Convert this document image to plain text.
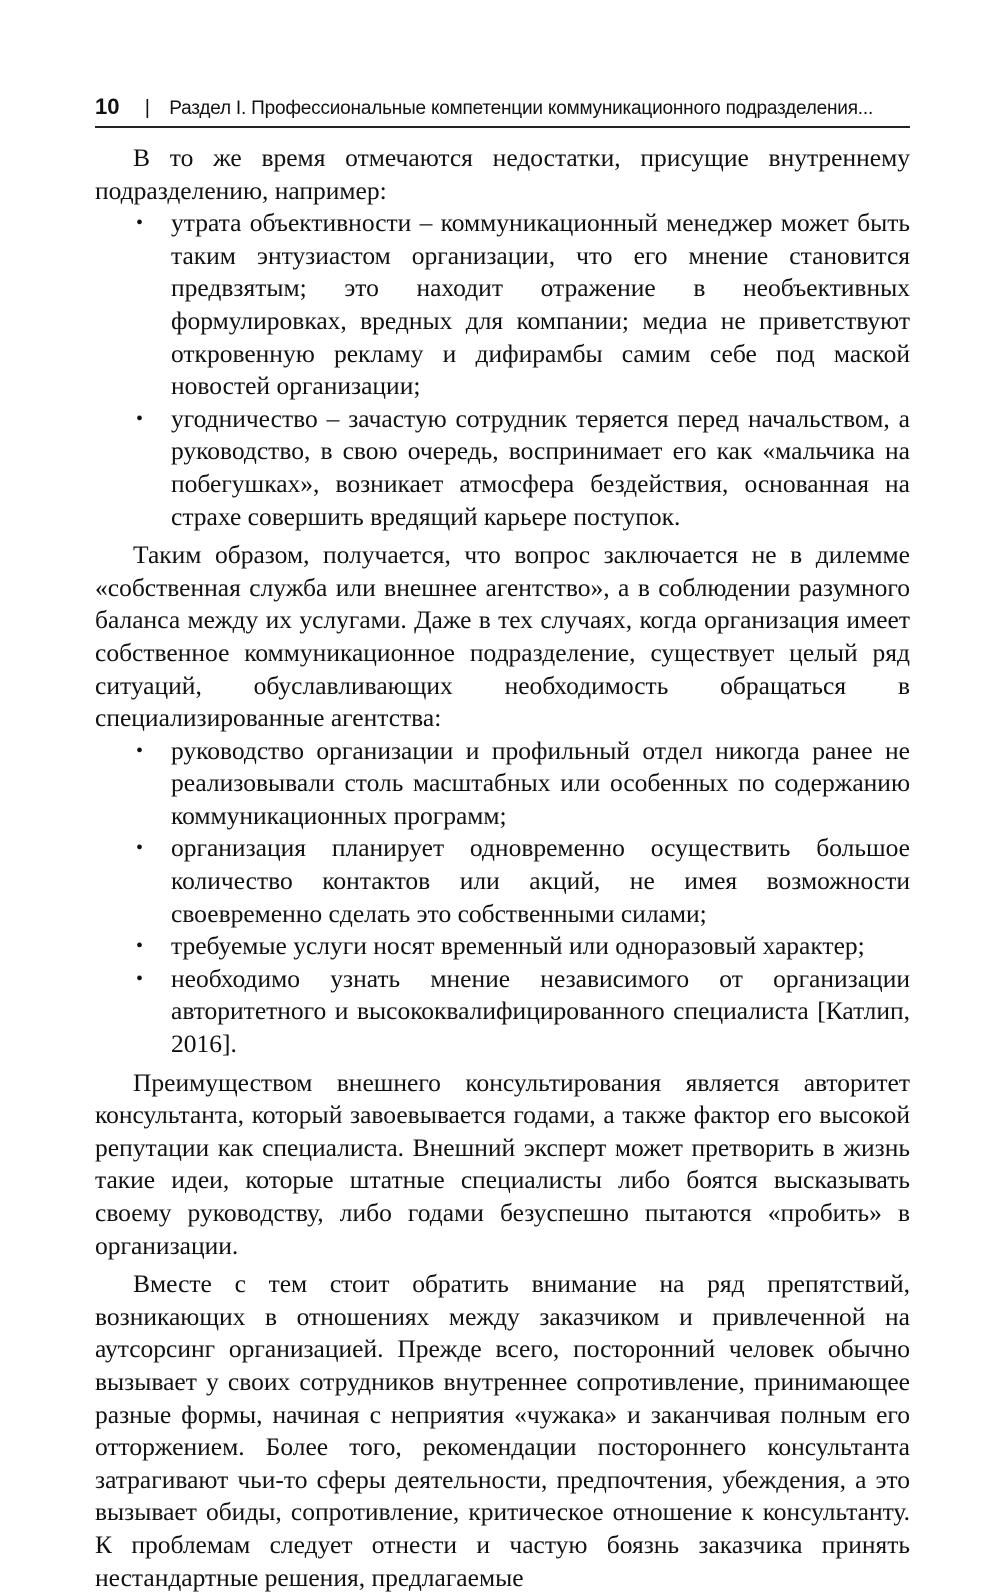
10 | Раздел I. Профессиональные компетенции коммуникационного подразделения...

В то же время отмечаются недостатки, присущие внутреннему подразделению, например:

• утрата объективности – коммуникационный менеджер может быть таким энтузиастом организации, что его мнение становится предвзятым; это находит отражение в необъективных формулировках, вредных для компании; медиа не приветствуют откровенную рекламу и дифирамбы самим себе под маской новостей организации;
• угодничество – зачастую сотрудник теряется перед начальством, а руководство, в свою очередь, воспринимает его как «мальчика на побегушках», возникает атмосфера бездействия, основанная на страхе совершить вредящий карьере поступок.

Таким образом, получается, что вопрос заключается не в дилемме «собственная служба или внешнее агентство», а в соблюдении разумного баланса между их услугами. Даже в тех случаях, когда организация имеет собственное коммуникационное подразделение, существует целый ряд ситуаций, обуславливающих необходимость обращаться в специализированные агентства:

• руководство организации и профильный отдел никогда ранее не реализовывали столь масштабных или особенных по содержанию коммуникационных программ;
• организация планирует одновременно осуществить большое количество контактов или акций, не имея возможности своевременно сделать это собственными силами;
• требуемые услуги носят временный или одноразовый характер;
• необходимо узнать мнение независимого от организации авторитетного и высококвалифицированного специалиста [Катлип, 2016].

Преимуществом внешнего консультирования является авторитет консультанта, который завоевывается годами, а также фактор его высокой репутации как специалиста. Внешний эксперт может претворить в жизнь такие идеи, которые штатные специалисты либо боятся высказывать своему руководству, либо годами безуспешно пытаются «пробить» в организации.

Вместе с тем стоит обратить внимание на ряд препятствий, возникающих в отношениях между заказчиком и привлеченной на аутсорсинг организацией. Прежде всего, посторонний человек обычно вызывает у своих сотрудников внутреннее сопротивление, принимающее разные формы, начиная с неприятия «чужака» и заканчивая полным его отторжением. Более того, рекомендации постороннего консультанта затрагивают чьи-то сферы деятельности, предпочтения, убеждения, а это вызывает обиды, сопротивление, критическое отношение к консультанту. К проблемам следует отнести и частую боязнь заказчика принять нестандартные решения, предлагаемые
